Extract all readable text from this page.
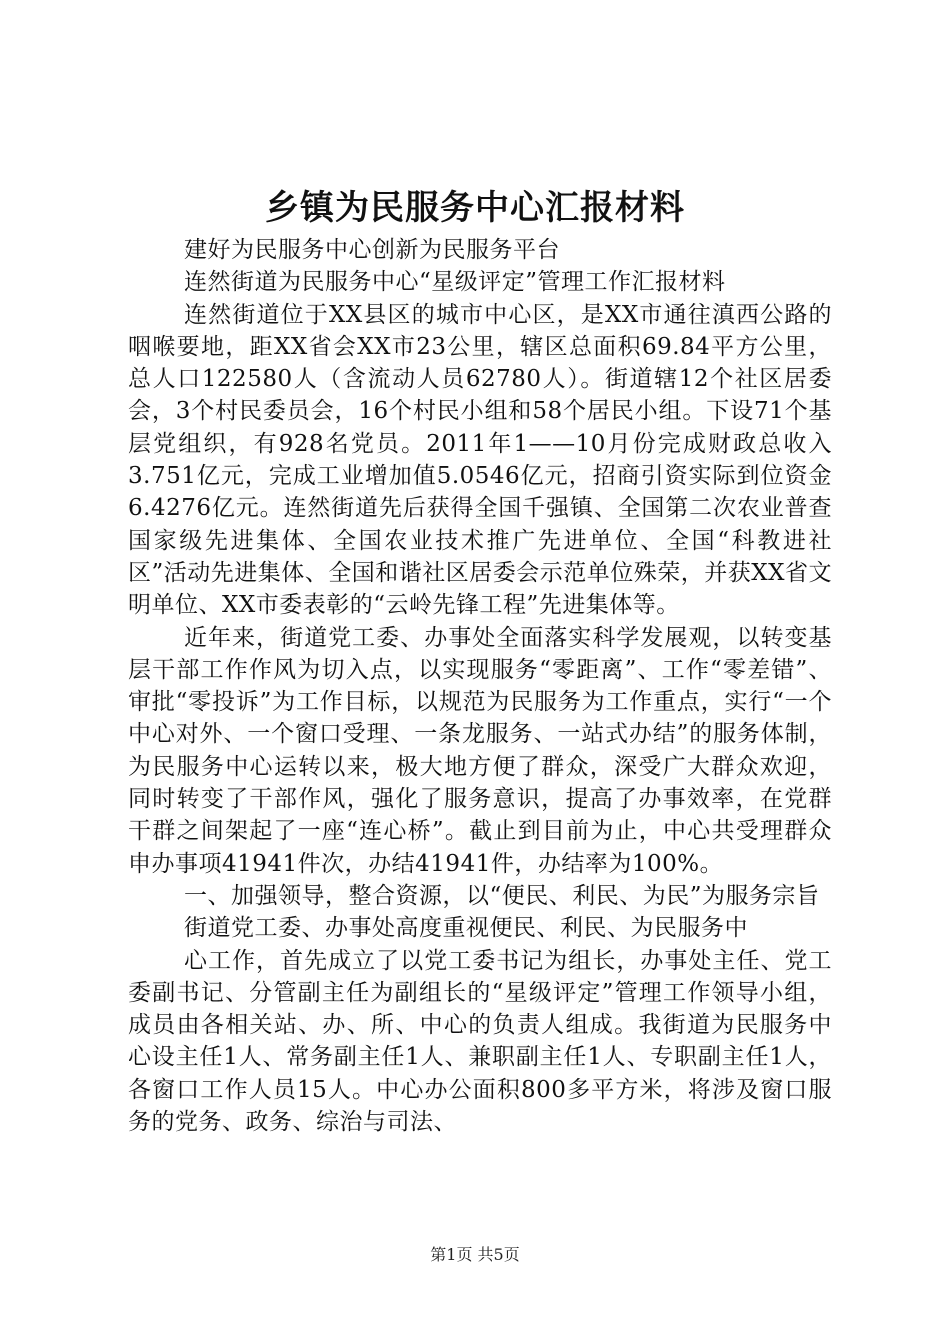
乡镇为民服务中心汇报材料

建好为民服务中心创新为民服务平台

连然街道为民服务中心“星级评定”管理工作汇报材料

连然街道位于XX县区的城市中心区，是XX市通往滇西公路的咽喉要地，距XX省会XX市23公里，辖区总面积69.84平方公里，总人口122580人（含流动人员62780人）。街道辖12个社区居委会，3个村民委员会，16个村民小组和58个居民小组。下设71个基层党组织，有928名党员。2011年1——10月份完成财政总收入3.751亿元，完成工业增加值5.0546亿元，招商引资实际到位资金6.4276亿元。连然街道先后获得全国千强镇、全国第二次农业普查国家级先进集体、全国农业技术推广先进单位、全国“科教进社区”活动先进集体、全国和谐社区居委会示范单位殊荣，并获XX省文明单位、XX市委表彰的“云岭先锋工程”先进集体等。

近年来，街道党工委、办事处全面落实科学发展观，以转变基层干部工作作风为切入点，以实现服务“零距离”、工作“零差错”、审批“零投诉”为工作目标，以规范为民服务为工作重点，实行“一个中心对外、一个窗口受理、一条龙服务、一站式办结”的服务体制，为民服务中心运转以来，极大地方便了群众，深受广大群众欢迎，同时转变了干部作风，强化了服务意识，提高了办事效率，在党群干群之间架起了一座“连心桥”。截止到目前为止，中心共受理群众申办事项41941件次，办结41941件，办结率为100%。

一、加强领导，整合资源，以“便民、利民、为民”为服务宗旨

街道党工委、办事处高度重视便民、利民、为民服务中

心工作，首先成立了以党工委书记为组长，办事处主任、党工委副书记、分管副主任为副组长的“星级评定”管理工作领导小组，成员由各相关站、办、所、中心的负责人组成。我街道为民服务中心设主任1人、常务副主任1人、兼职副主任1人、专职副主任1人，各窗口工作人员15人。中心办公面积800多平方米，将涉及窗口服务的党务、政务、综治与司法、

第1页 共5页
